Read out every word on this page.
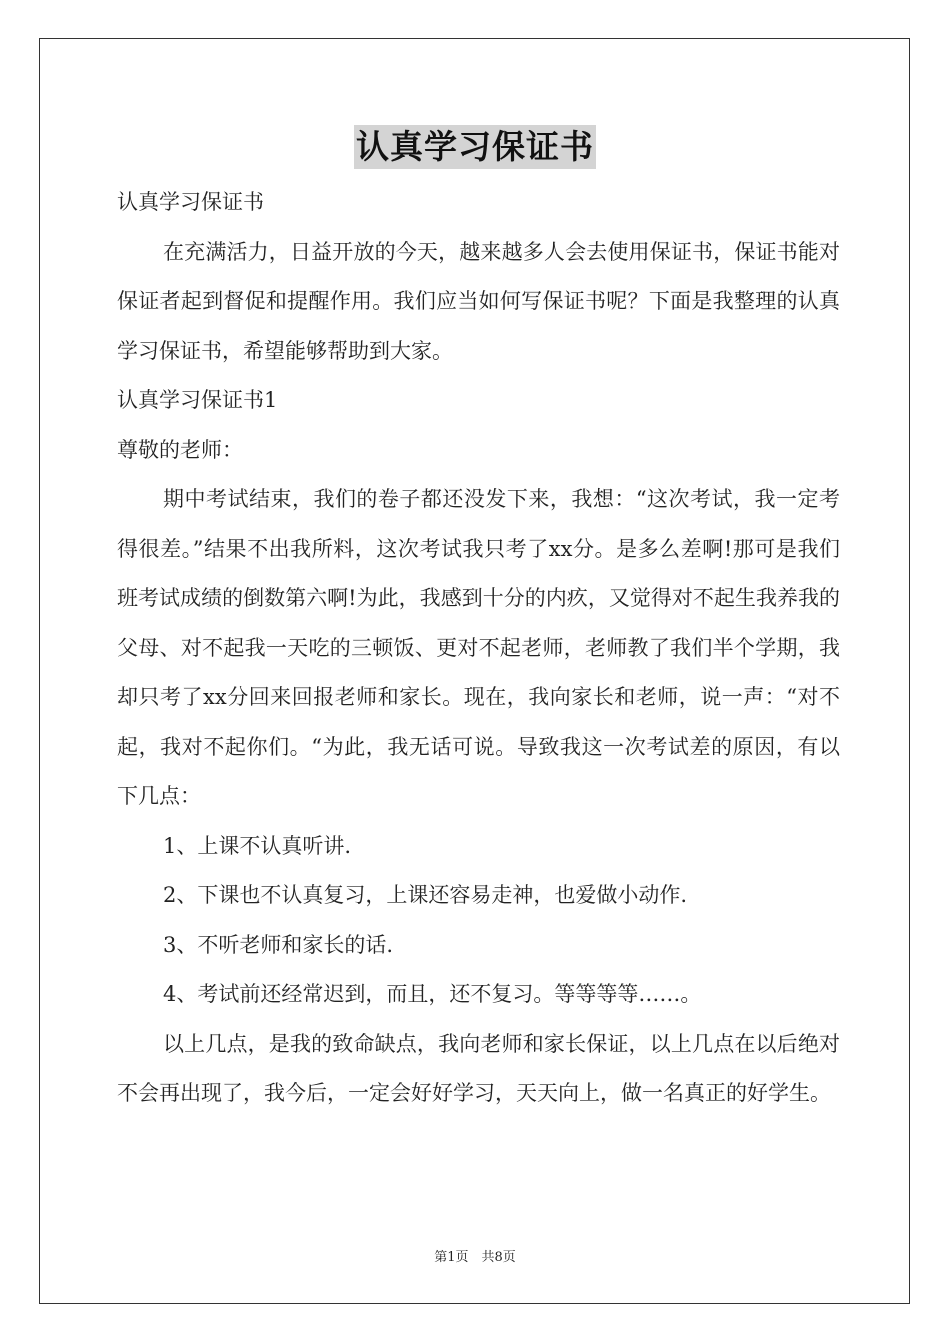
认真学习保证书

认真学习保证书

在充满活力，日益开放的今天，越来越多人会去使用保证书，保证书能对保证者起到督促和提醒作用。我们应当如何写保证书呢？下面是我整理的认真学习保证书，希望能够帮助到大家。

认真学习保证书1

尊敬的老师：

期中考试结束，我们的卷子都还没发下来，我想：“这次考试，我一定考得很差。”结果不出我所料，这次考试我只考了xx分。是多么差啊!那可是我们班考试成绩的倒数第六啊!为此，我感到十分的内疚，又觉得对不起生我养我的父母、对不起我一天吃的三顿饭、更对不起老师，老师教了我们半个学期，我却只考了xx分回来回报老师和家长。现在，我向家长和老师，说一声：“对不起，我对不起你们。“为此，我无话可说。导致我这一次考试差的原因，有以下几点：

1、上课不认真听讲.

2、下课也不认真复习，上课还容易走神，也爱做小动作.

3、不听老师和家长的话.

4、考试前还经常迟到，而且，还不复习。等等等等……。

以上几点，是我的致命缺点，我向老师和家长保证，以上几点在以后绝对不会再出现了，我今后，一定会好好学习，天天向上，做一名真正的好学生。

第1页　共8页
